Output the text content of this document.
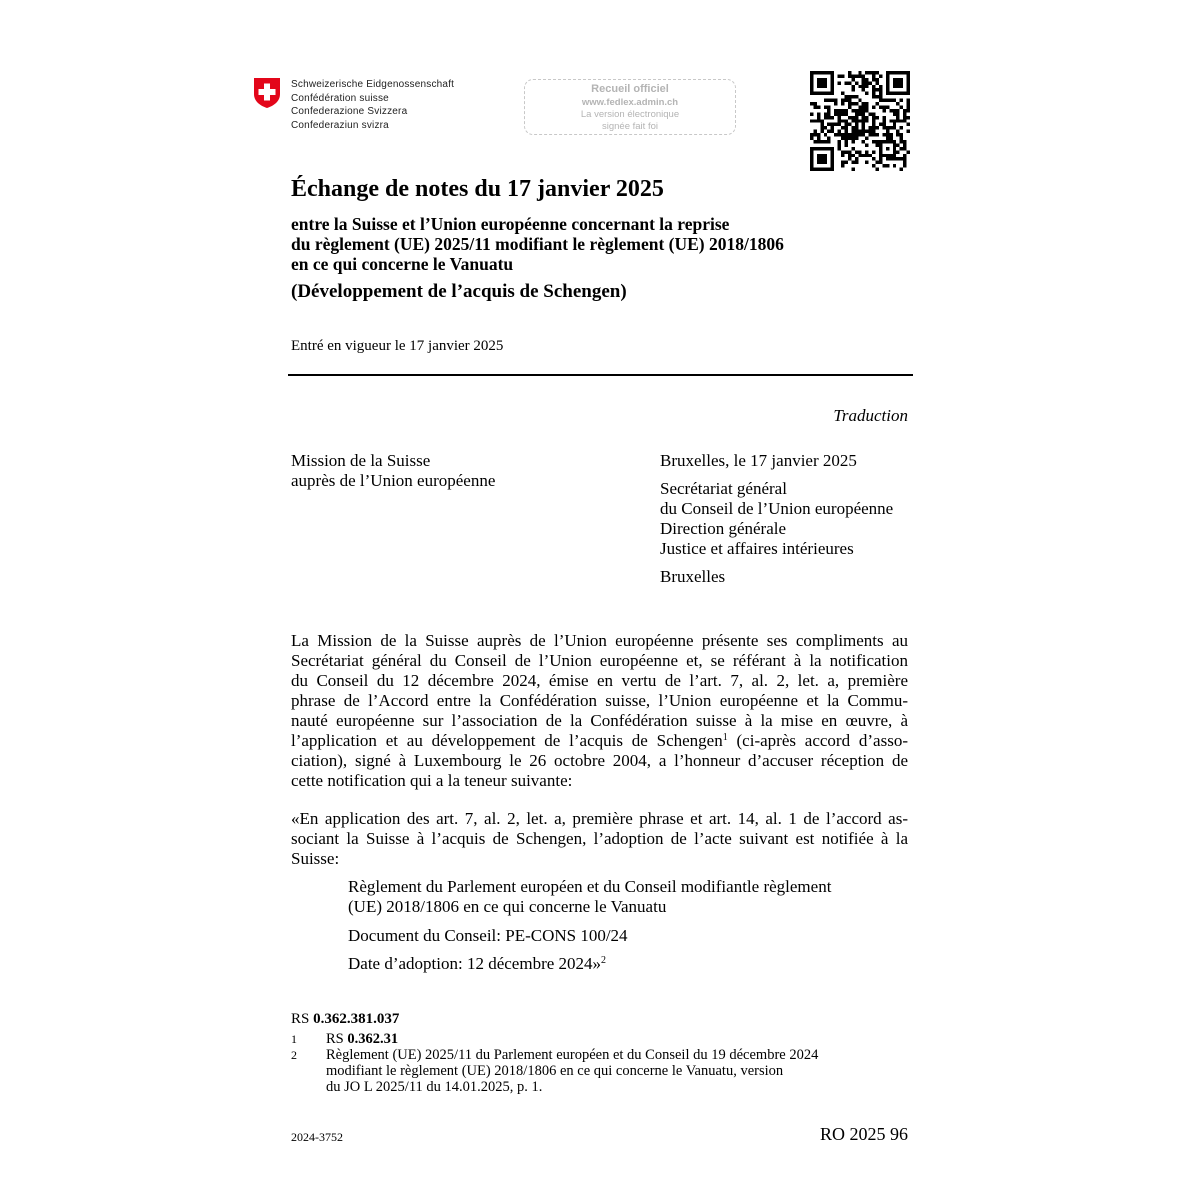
Schweizerische Eidgenossenschaft
Confédération suisse
Confederazione Svizzera
Confederaziun svizra
Recueil officiel
www.fedlex.admin.ch
La version électronique
signée fait foi
Échange de notes du 17 janvier 2025
entre la Suisse et l’Union européenne concernant la reprise
du règlement (UE) 2025/11 modifiant le règlement (UE) 2018/1806
en ce qui concerne le Vanuatu
(Développement de l’acquis de Schengen)
Entré en vigueur le 17 janvier 2025
Traduction
Mission de la Suisse
auprès de l’Union européenne
Bruxelles, le 17 janvier 2025
Secrétariat général
du Conseil de l’Union européenne
Direction générale
Justice et affaires intérieures
Bruxelles
La Mission de la Suisse auprès de l’Union européenne présente ses compliments au
Secrétariat général du Conseil de l’Union européenne et, se référant à la notification
du Conseil du 12 décembre 2024, émise en vertu de l’art. 7, al. 2, let. a, première
phrase de l’Accord entre la Confédération suisse, l’Union européenne et la Commu-
nauté européenne sur l’association de la Confédération suisse à la mise en œuvre, à
l’application et au développement de l’acquis de Schengen$^1$ (ci-après accord d’asso-
ciation), signé à Luxembourg le 26 octobre 2004, a l’honneur d’accuser réception de
cette notification qui a la teneur suivante:
«En application des art. 7, al. 2, let. a, première phrase et art. 14, al. 1 de l’accord as-
sociant la Suisse à l’acquis de Schengen, l’adoption de l’acte suivant est notifiée à la
Suisse:
Règlement du Parlement européen et du Conseil modifiantle règlement
(UE) 2018/1806 en ce qui concerne le Vanuatu
Document du Conseil: PE-CONS 100/24
Date d’adoption: 12 décembre 2024»$^2$
RS 0.362.381.037
1 RS 0.362.31
2 Règlement (UE) 2025/11 du Parlement européen et du Conseil du 19 décembre 2024
modifiant le règlement (UE) 2018/1806 en ce qui concerne le Vanuatu, version
du JO L 2025/11 du 14.01.2025, p. 1.
2024-3752	RO 2025 96
